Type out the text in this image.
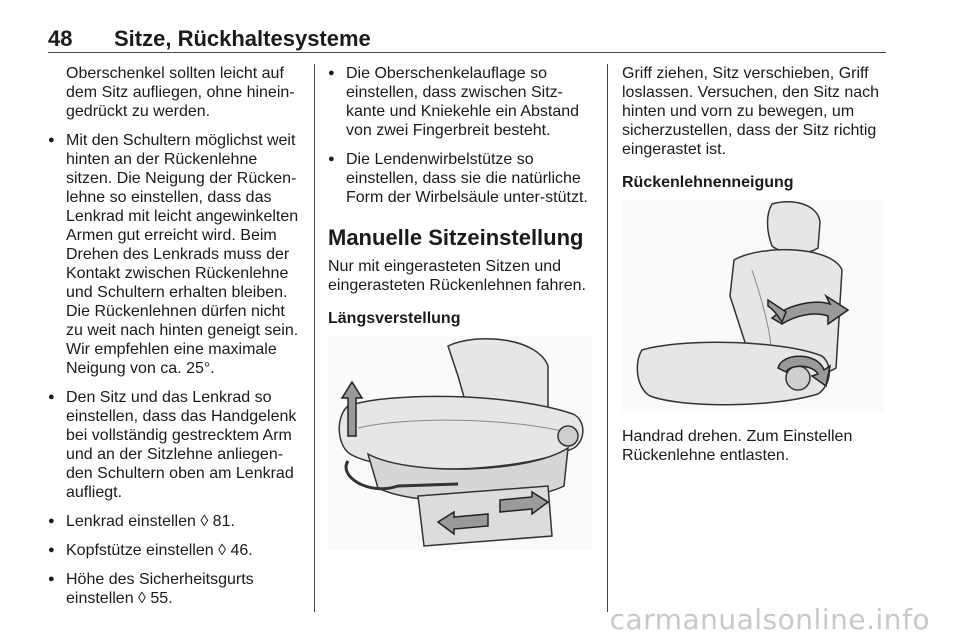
48 Sitze, Rückhaltesysteme

Oberschenkel sollten leicht auf dem Sitz aufliegen, ohne hinein-gedrückt zu werden.

● Mit den Schultern möglichst weit hinten an der Rückenlehne sitzen. Die Neigung der Rücken-lehne so einstellen, dass das Lenkrad mit leicht angewinkelten Armen gut erreicht wird. Beim Drehen des Lenkrads muss der Kontakt zwischen Rückenlehne und Schultern erhalten bleiben. Die Rückenlehnen dürfen nicht zu weit nach hinten geneigt sein. Wir empfehlen eine maximale Neigung von ca. 25°.

● Den Sitz und das Lenkrad so einstellen, dass das Handgelenk bei vollständig gestrecktem Arm und an der Sitzlehne anliegen-den Schultern oben am Lenkrad aufliegt.

● Lenkrad einstellen ◊ 81.

● Kopfstütze einstellen ◊ 46.

● Höhe des Sicherheitsgurts einstellen ◊ 55.

● Die Oberschenkelauflage so einstellen, dass zwischen Sitz-kante und Kniekehle ein Abstand von zwei Fingerbreit besteht.

● Die Lendenwirbelstütze so einstellen, dass sie die natürliche Form der Wirbelsäule unter-stützt.

Manuelle Sitzeinstellung

Nur mit eingerasteten Sitzen und eingerasteten Rückenlehnen fahren.

Längsverstellung

Griff ziehen, Sitz verschieben, Griff loslassen. Versuchen, den Sitz nach hinten und vorn zu bewegen, um sicherzustellen, dass der Sitz richtig eingerastet ist.

Rückenlehnenneigung

Handrad drehen. Zum Einstellen Rückenlehne entlasten.

carmanualsonline.info
